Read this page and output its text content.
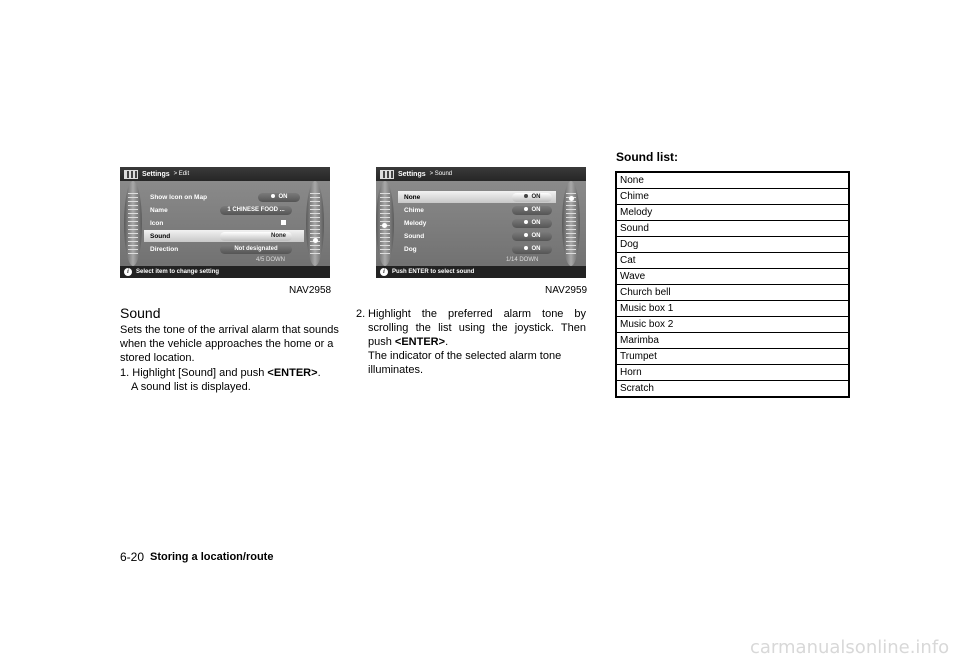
Settings > Edit
Show Icon on Map	ON
Name	1 CHINESE FOOD ...
Icon
Sound	None
Direction	Not designated
4/5 DOWN
i	Select item to change setting
NAV2958
Settings > Sound
None	ON
Chime	ON
Melody	ON
Sound	ON
Dog	ON
1/14 DOWN
i	Push ENTER to select sound
NAV2959
Sound
Sets the tone of the arrival alarm that sounds when the vehicle approaches the home or a stored location.
1. Highlight [Sound] and push <ENTER>.
A sound list is displayed.
2. Highlight the preferred alarm tone by scrolling the list using the joystick. Then push <ENTER>.
The indicator of the selected alarm tone illuminates.
Sound list:
None
Chime
Melody
Sound
Dog
Cat
Wave
Church bell
Music box 1
Music box 2
Marimba
Trumpet
Horn
Scratch
6-20 Storing a location/route
carmanualsonline.info
